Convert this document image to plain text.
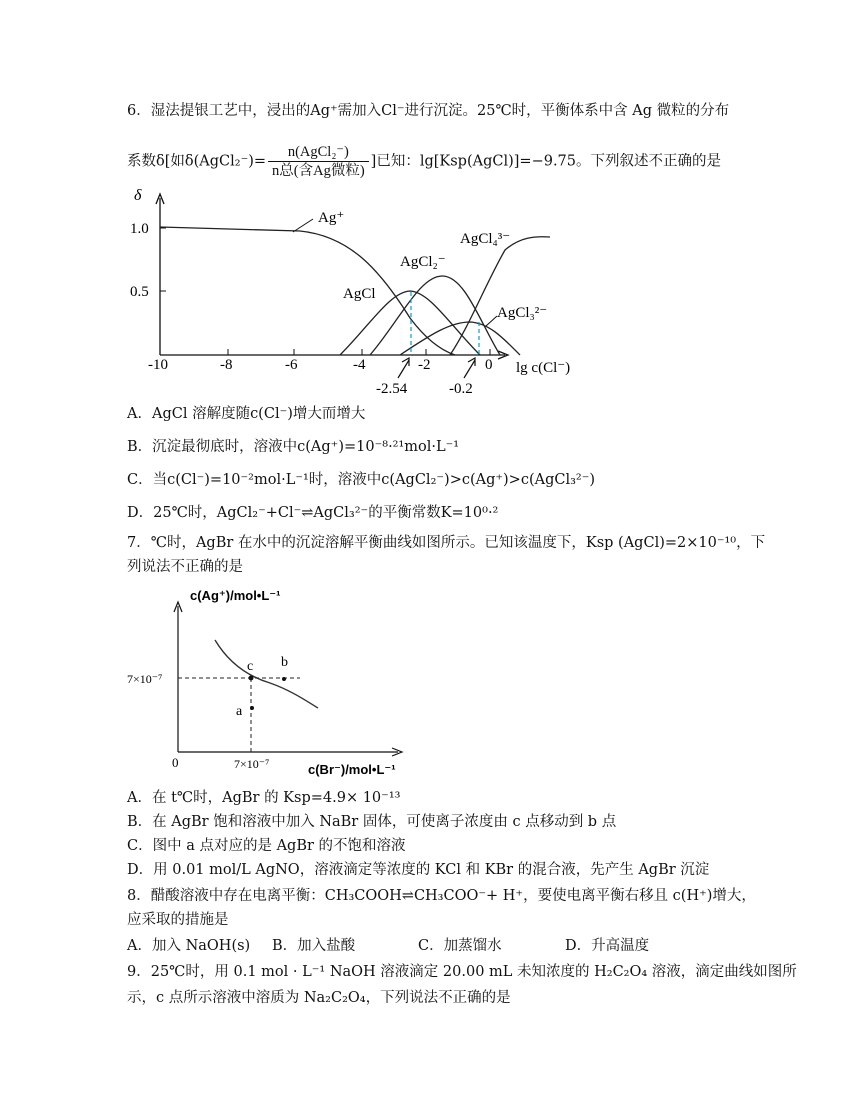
6．湿法提银工艺中，浸出的Ag⁺需加入Cl⁻进行沉淀。25℃时，平衡体系中含 Ag 微粒的分布
系数δ[如δ(AgCl₂⁻)= $\frac{\text{n(AgCl₂⁻)}}{\text{n总(含Ag微粒)}}$ ]已知：lg[Ksp(AgCl)]=−9.75。下列叙述不正确的是
δ
1.0
0.5
-10	-8	-6	-4	-2	0 lg c(Cl⁻)
-2.54	-0.2
Ag⁺
AgCl
AgCl₂⁻
AgCl₄³⁻
AgCl₃²⁻
A．AgCl 溶解度随c(Cl⁻)增大而增大
B．沉淀最彻底时，溶液中c(Ag⁺)=10⁻⁸·²¹mol·L⁻¹
C．当c(Cl⁻)=10⁻²mol·L⁻¹时，溶液中c(AgCl₂⁻)>c(Ag⁺)>c(AgCl₃²⁻)
D．25℃时，AgCl₂⁻+Cl⁻⇌AgCl₃²⁻的平衡常数K=10⁰·²
7．℃时，AgBr 在水中的沉淀溶解平衡曲线如图所示。已知该温度下，Ksp (AgCl)=2×10⁻¹⁰，下
列说法不正确的是
c(Ag⁺)/mol•L⁻¹
c(Br⁻)/mol•L⁻¹
0
7×10⁻⁷
7×10⁻⁷
c b
a
A．在 t℃时，AgBr 的 Ksp=4.9× 10⁻¹³
B．在 AgBr 饱和溶液中加入 NaBr 固体，可使离子浓度由 c 点移动到 b 点
C．图中 a 点对应的是 AgBr 的不饱和溶液
D．用 0.01 mol/L AgNO，溶液滴定等浓度的 KCl 和 KBr 的混合液，先产生 AgBr 沉淀
8．醋酸溶液中存在电离平衡：CH₃COOH⇌CH₃COO⁻+ H⁺，要使电离平衡右移且 c(H⁺)增大，
应采取的措施是
A．加入 NaOH(s) B．加入盐酸	C．加蒸馏水	D．升高温度
9．25℃时，用 0.1 mol · L⁻¹ NaOH 溶液滴定 20.00 mL 未知浓度的 H₂C₂O₄ 溶液，滴定曲线如图所
示，c 点所示溶液中溶质为 Na₂C₂O₄，下列说法不正确的是
